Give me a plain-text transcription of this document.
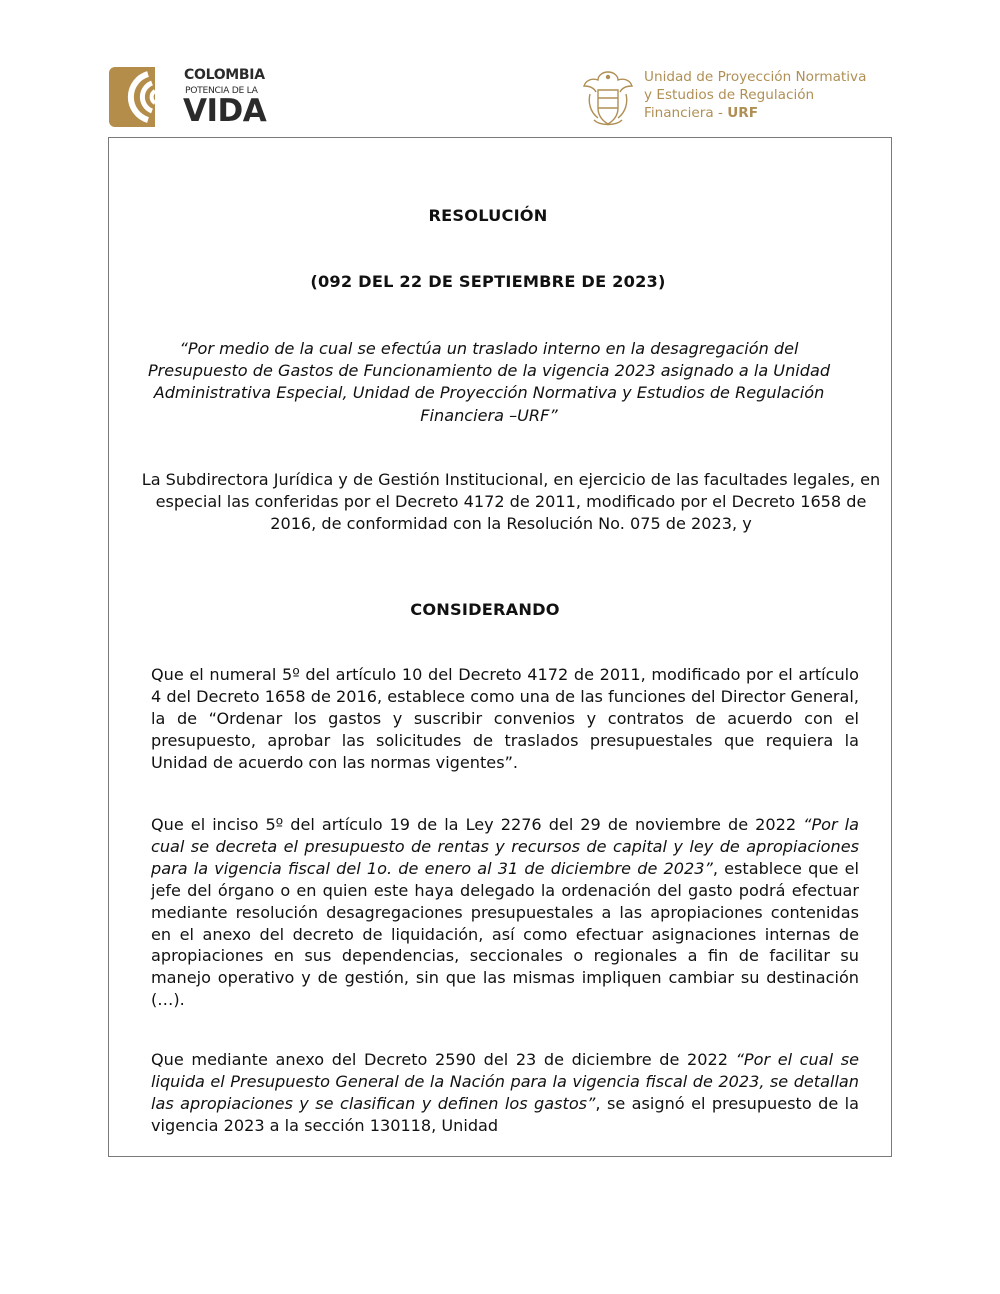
COLOMBIA
POTENCIA DE LA
VIDA
Unidad de Proyección Normativa
y Estudios de Regulación
Financiera - URF
RESOLUCIÓN
(092 DEL 22 DE SEPTIEMBRE DE 2023)
“Por medio de la cual se efectúa un traslado interno en la desagregación del Presupuesto de Gastos de Funcionamiento de la vigencia 2023 asignado a la Unidad Administrativa Especial, Unidad de Proyección Normativa y Estudios de Regulación Financiera –URF”
La Subdirectora Jurídica y de Gestión Institucional, en ejercicio de las facultades legales, en especial las conferidas por el Decreto 4172 de 2011, modificado por el Decreto 1658 de 2016, de conformidad con la Resolución No. 075 de 2023, y
CONSIDERANDO

Que el numeral 5º del artículo 10 del Decreto 4172 de 2011, modificado por el artículo 4 del Decreto 1658 de 2016, establece como una de las funciones del Director General, la de “Ordenar los gastos y suscribir convenios y contratos de acuerdo con el presupuesto, aprobar las solicitudes de traslados presupuestales que requiera la Unidad de acuerdo con las normas vigentes”.

Que el inciso 5º del artículo 19 de la Ley 2276 del 29 de noviembre de 2022 “Por la cual se decreta el presupuesto de rentas y recursos de capital y ley de apropiaciones para la vigencia fiscal del 1o. de enero al 31 de diciembre de 2023”, establece que el jefe del órgano o en quien este haya delegado la ordenación del gasto podrá efectuar mediante resolución desagregaciones presupuestales a las apropiaciones contenidas en el anexo del decreto de liquidación, así como efectuar asignaciones internas de apropiaciones en sus dependencias, seccionales o regionales a fin de facilitar su manejo operativo y de gestión, sin que las mismas impliquen cambiar su destinación (…).

Que mediante anexo del Decreto 2590 del 23 de diciembre de 2022 “Por el cual se liquida el Presupuesto General de la Nación para la vigencia fiscal de 2023, se detallan las apropiaciones y se clasifican y definen los gastos”, se asignó el presupuesto de la vigencia 2023 a la sección 130118, Unidad
